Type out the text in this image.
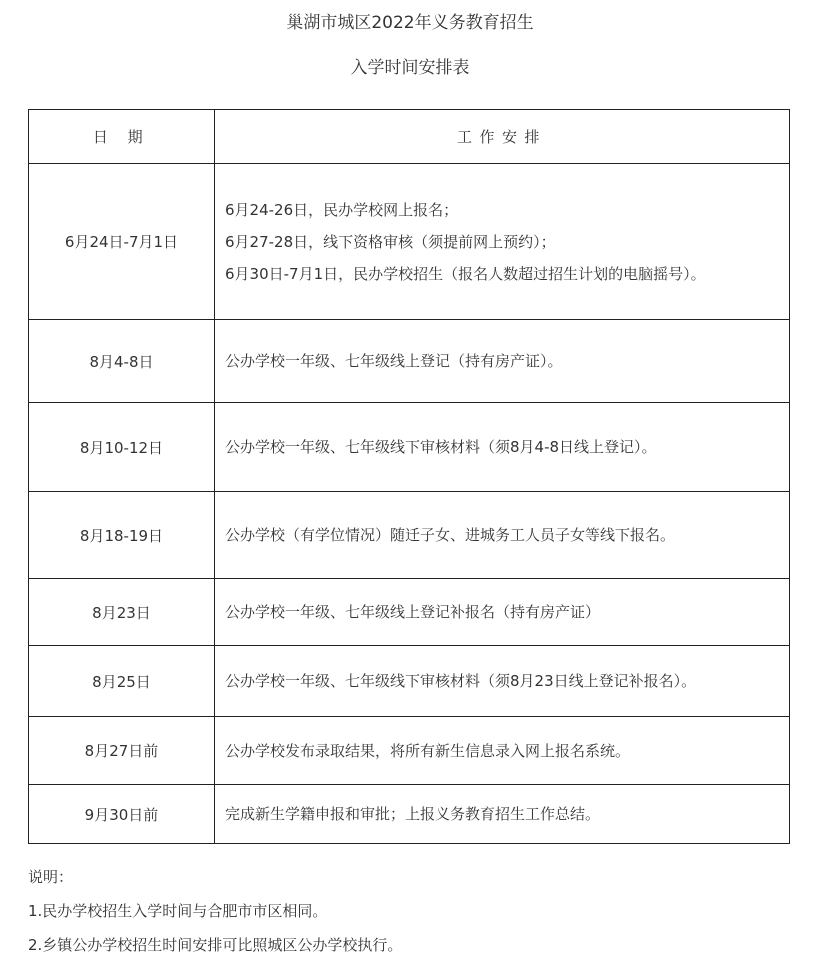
巢湖市城区2022年义务教育招生
入学时间安排表
日 期	工作安排
6月24日-7月1日	6月24-26日，民办学校网上报名；
6月27-28日，线下资格审核（须提前网上预约）；
6月30日-7月1日，民办学校招生（报名人数超过招生计划的电脑摇号）。

8月4-8日	公办学校一年级、七年级线上登记（持有房产证）。

8月10-12日	公办学校一年级、七年级线下审核材料（须8月4-8日线上登记）。

8月18-19日	公办学校（有学位情况）随迁子女、进城务工人员子女等线下报名。

8月23日	公办学校一年级、七年级线上登记补报名（持有房产证）

8月25日	公办学校一年级、七年级线下审核材料（须8月23日线上登记补报名）。

8月27日前	公办学校发布录取结果，将所有新生信息录入网上报名系统。

9月30日前	完成新生学籍申报和审批；上报义务教育招生工作总结。
说明：
1.民办学校招生入学时间与合肥市市区相同。
2.乡镇公办学校招生时间安排可比照城区公办学校执行。
